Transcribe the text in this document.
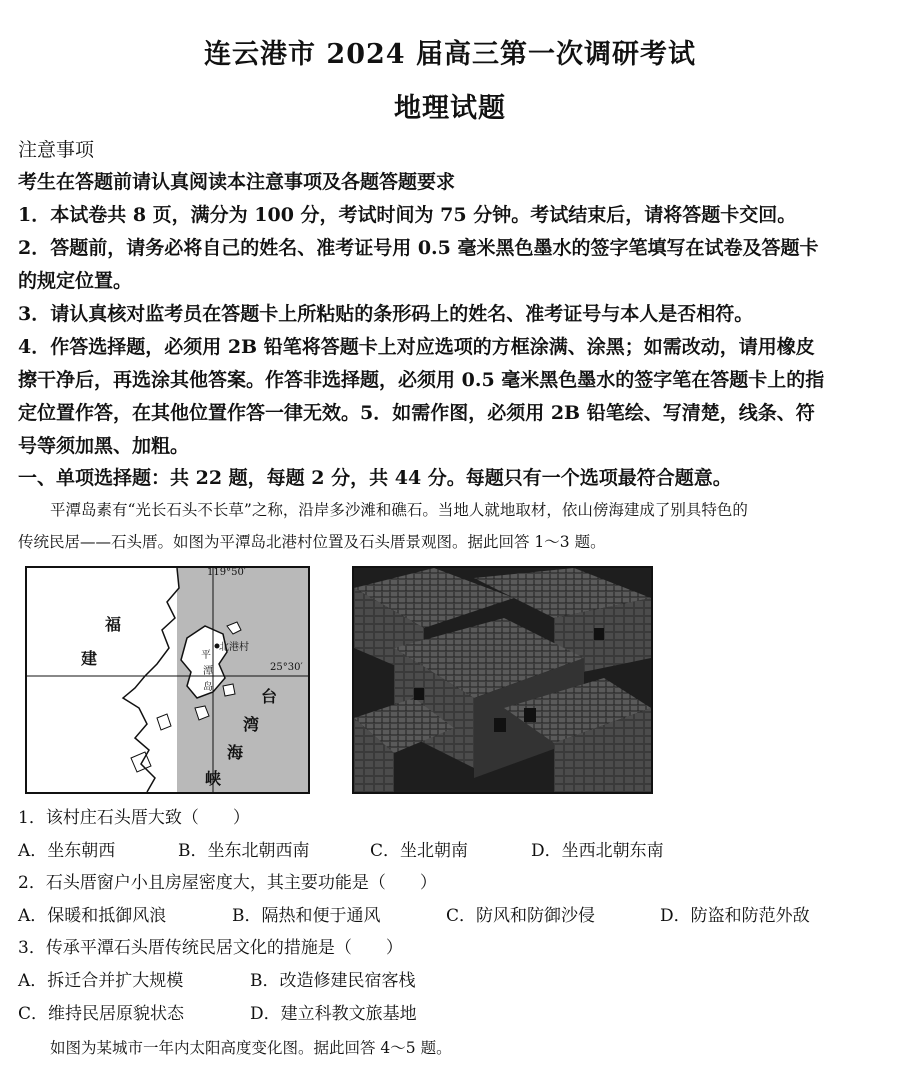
连云港市 2024 届高三第一次调研考试
地理试题
注意事项
考生在答题前请认真阅读本注意事项及各题答题要求
1．本试卷共 8 页，满分为 100 分，考试时间为 75 分钟。考试结束后，请将答题卡交回。
2．答题前，请务必将自己的姓名、准考证号用 0.5 毫米黑色墨水的签字笔填写在试卷及答题卡
的规定位置。
3．请认真核对监考员在答题卡上所粘贴的条形码上的姓名、准考证号与本人是否相符。
4．作答选择题，必须用 2B 铅笔将答题卡上对应选项的方框涂满、涂黑；如需改动，请用橡皮
擦干净后，再选涂其他答案。作答非选择题，必须用 0.5 毫米黑色墨水的签字笔在答题卡上的指
定位置作答，在其他位置作答一律无效。5．如需作图，必须用 2B 铅笔绘、写清楚，线条、符
号等须加黑、加粗。
一、单项选择题：共 22 题，每题 2 分，共 44 分。每题只有一个选项最符合题意。
平潭岛素有“光长石头不长草”之称，沿岸多沙滩和礁石。当地人就地取材，依山傍海建成了别具特色的
传统民居——石头厝。如图为平潭岛北港村位置及石头厝景观图。据此回答 1～3 题。
119°50′
25°30′
北港村
福
建	平
潭
岛	台
湾
海
峡
1．该村庄石头厝大致（　　）
A．坐东朝西	B．坐东北朝西南	C．坐北朝南	D．坐西北朝东南
2．石头厝窗户小且房屋密度大，其主要功能是（　　）
A．保暖和抵御风浪	B．隔热和便于通风	C．防风和防御沙侵	D．防盗和防范外敌
3．传承平潭石头厝传统民居文化的措施是（　　）
A．拆迁合并扩大规模	B．改造修建民宿客栈
C．维持民居原貌状态	D．建立科教文旅基地
如图为某城市一年内太阳高度变化图。据此回答 4～5 题。
